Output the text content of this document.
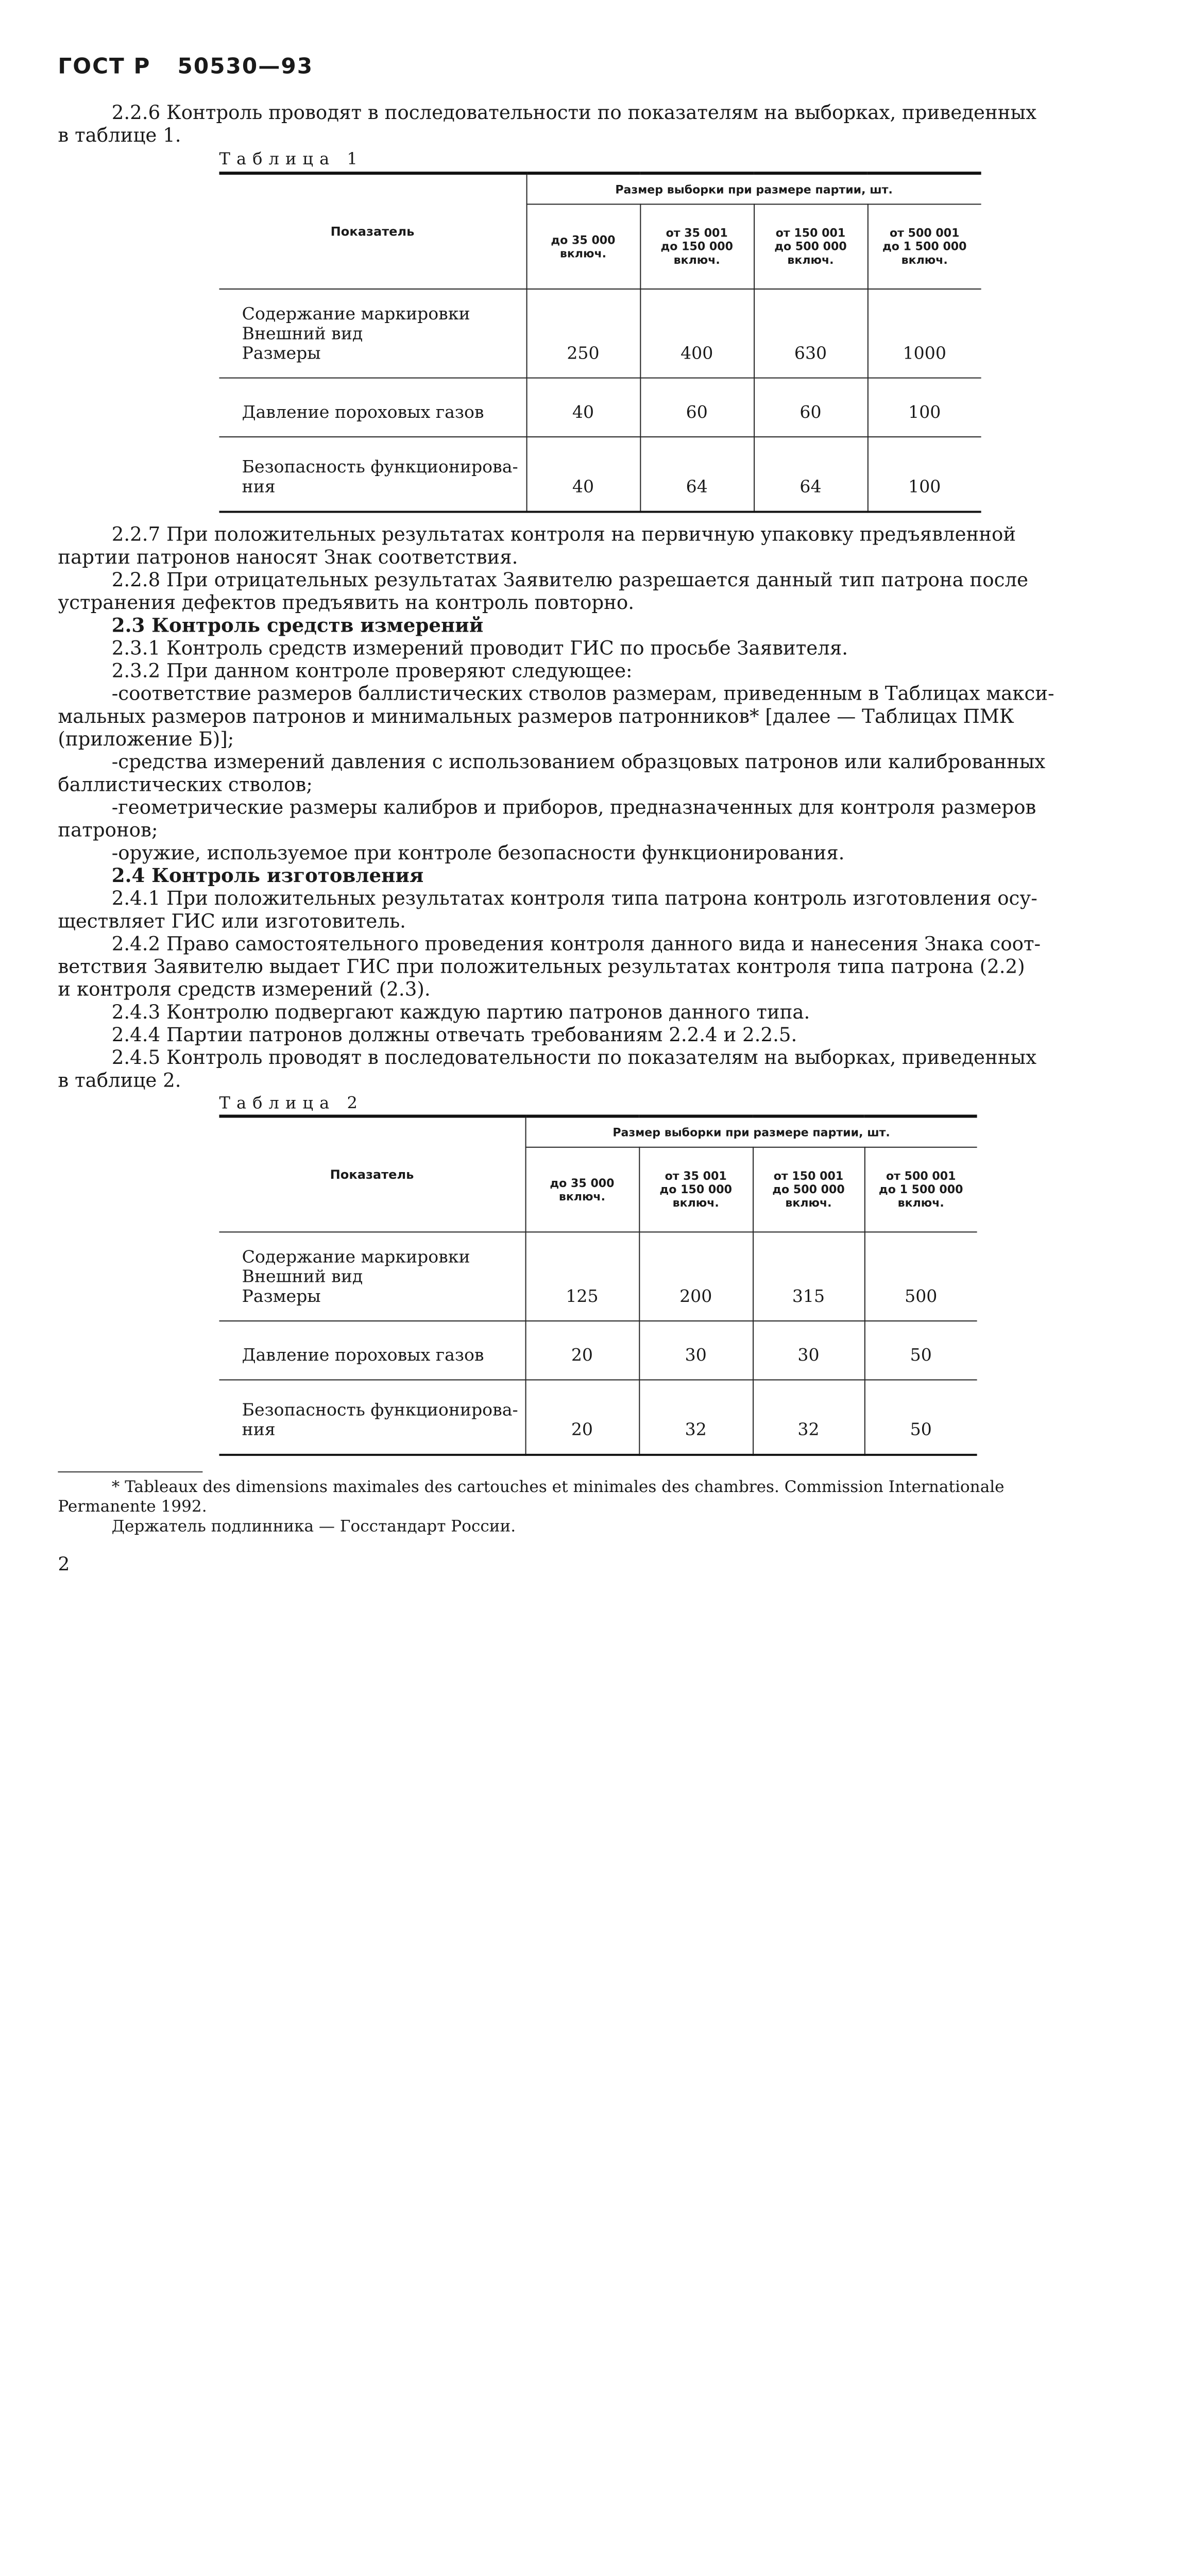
ГОСТ Р 50530—93

2.2.6 Контроль проводят в последовательности по показателям на выборках, приведенных

в таблице 1.

Таблица 1
Показатель	Размер выборки при размере партии, шт.			
	до 35 000 включ.	от 35 001
до 150 000
включ.	от 150 001
до 500 000
включ.	от 500 001
до 1 500 000
включ.
Содержание маркировки
Внешний вид
Размеры	250	400	630	1000
Давление пороховых газов	40	60	60	100
Безопасность функционирова-
ния	40	64	64	100

2.2.7 При положительных результатах контроля на первичную упаковку предъявленной

партии патронов наносят Знак соответствия.

2.2.8 При отрицательных результатах Заявителю разрешается данный тип патрона после

устранения дефектов предъявить на контроль повторно.

2.3 Контроль средств измерений

2.3.1 Контроль средств измерений проводит ГИС по просьбе Заявителя.

2.3.2 При данном контроле проверяют следующее:

-соответствие размеров баллистических стволов размерам, приведенным в Таблицах макси-

мальных размеров патронов и минимальных размеров патронников* [далее — Таблицах ПМК

(приложение Б)];

-средства измерений давления с использованием образцовых патронов или калиброванных

баллистических стволов;

-геометрические размеры калибров и приборов, предназначенных для контроля размеров

патронов;

-оружие, используемое при контроле безопасности функционирования.

2.4 Контроль изготовления

2.4.1 При положительных результатах контроля типа патрона контроль изготовления осу-

ществляет ГИС или изготовитель.

2.4.2 Право самостоятельного проведения контроля данного вида и нанесения Знака соот-

ветствия Заявителю выдает ГИС при положительных результатах контроля типа патрона (2.2)

и контроля средств измерений (2.3).

2.4.3 Контролю подвергают каждую партию патронов данного типа.

2.4.4 Партии патронов должны отвечать требованиям 2.2.4 и 2.2.5.

2.4.5 Контроль проводят в последовательности по показателям на выборках, приведенных

в таблице 2.

Таблица 2
Показатель	Размер выборки при размере партии, шт.			
	до 35 000
включ.	от 35 001
до 150 000
включ.	от 150 001
до 500 000
включ.	от 500 001
до 1 500 000
включ.
Содержание маркировки
Внешний вид
Размеры	125	200	315	500
Давление пороховых газов	20	30	30	50
Безопасность функционирова-
ния	20	32	32	50

* Tableaux des dimensions maximales des cartouches et minimales des chambres. Commission Internationale

Permanente 1992.

Держатель подлинника — Госстандарт России.

2
